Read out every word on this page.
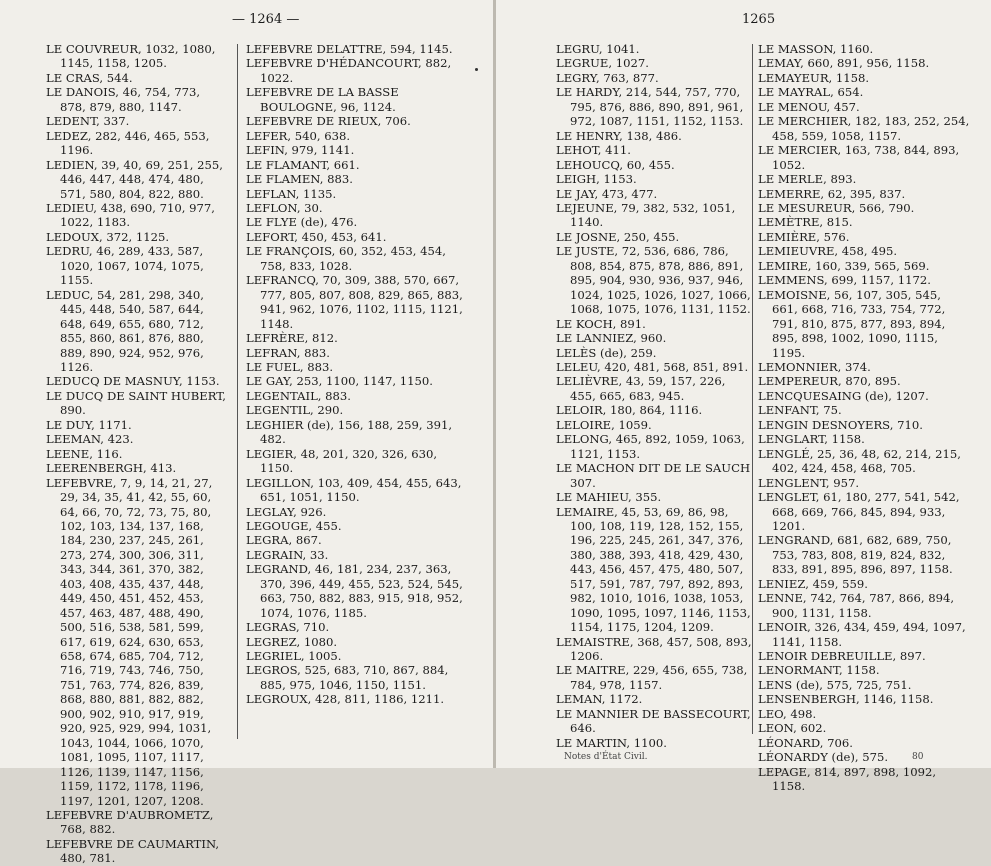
— 1264 —
LE COUVREUR, 1032, 1080, 1145, 1158, 1205.
LE CRAS, 544.
LE DANOIS, 46, 754, 773, 878, 879, 880, 1147.
LEDENT, 337.
LEDEZ, 282, 446, 465, 553, 1196.
LEDIEN, 39, 40, 69, 251, 255, 446, 447, 448, 474, 480, 571, 580, 804, 822, 880.
LEDIEU, 438, 690, 710, 977, 1022, 1183.
LEDOUX, 372, 1125.
LEDRU, 46, 289, 433, 587, 1020, 1067, 1074, 1075, 1155.
LEDUC, 54, 281, 298, 340, 445, 448, 540, 587, 644, 648, 649, 655, 680, 712, 855, 860, 861, 876, 880, 889, 890, 924, 952, 976, 1126.
LEDUCQ DE MASNUY, 1153.
LE DUCQ DE SAINT HUBERT, 890.
LE DUY, 1171.
LEEMAN, 423.
LEENE, 116.
LEERENBERGH, 413.
LEFEBVRE, 7, 9, 14, 21, 27, 29, 34, 35, 41, 42, 55, 60, 64, 66, 70, 72, 73, 75, 80, 102, 103, 134, 137, 168, 184, 230, 237, 245, 261, 273, 274, 300, 306, 311, 343, 344, 361, 370, 382, 403, 408, 435, 437, 448, 449, 450, 451, 452, 453, 457, 463, 487, 488, 490, 500, 516, 538, 581, 599, 617, 619, 624, 630, 653, 658, 674, 685, 704, 712, 716, 719, 743, 746, 750, 751, 763, 774, 826, 839, 868, 880, 881, 882, 882, 900, 902, 910, 917, 919, 920, 925, 929, 994, 1031, 1043, 1044, 1066, 1070, 1081, 1095, 1107, 1117, 1126, 1139, 1147, 1156, 1159, 1172, 1178, 1196, 1197, 1201, 1207, 1208.
LEFEBVRE D'AUBROMETZ, 768, 882.
LEFEBVRE DE CAUMARTIN, 480, 781.
LEFEBVRE DELATTRE, 594, 1145.
LEFEBVRE D'HÉDANCOURT, 882, 1022.
LEFEBVRE DE LA BASSE BOULOGNE, 96, 1124.
LEFEBVRE DE RIEUX, 706.
LEFER, 540, 638.
LEFIN, 979, 1141.
LE FLAMANT, 661.
LE FLAMEN, 883.
LEFLAN, 1135.
LEFLON, 30.
LE FLYE (de), 476.
LEFORT, 450, 453, 641.
LE FRANÇOIS, 60, 352, 453, 454, 758, 833, 1028.
LEFRANCQ, 70, 309, 388, 570, 667, 777, 805, 807, 808, 829, 865, 883, 941, 962, 1076, 1102, 1115, 1121, 1148.
LEFRÈRE, 812.
LEFRAN, 883.
LE FUEL, 883.
LE GAY, 253, 1100, 1147, 1150.
LEGENTAIL, 883.
LEGENTIL, 290.
LEGHIER (de), 156, 188, 259, 391, 482.
LEGIER, 48, 201, 320, 326, 630, 1150.
LEGILLON, 103, 409, 454, 455, 643, 651, 1051, 1150.
LEGLAY, 926.
LEGOUGE, 455.
LEGRA, 867.
LEGRAIN, 33.
LEGRAND, 46, 181, 234, 237, 363, 370, 396, 449, 455, 523, 524, 545, 663, 750, 882, 883, 915, 918, 952, 1074, 1076, 1185.
LEGRAS, 710.
LEGREZ, 1080.
LEGRIEL, 1005.
LEGROS, 525, 683, 710, 867, 884, 885, 975, 1046, 1150, 1151.
LEGROUX, 428, 811, 1186, 1211.
1265
LEGRU, 1041.
LEGRUE, 1027.
LEGRY, 763, 877.
LE HARDY, 214, 544, 757, 770, 795, 876, 886, 890, 891, 961, 972, 1087, 1151, 1152, 1153.
LE HENRY, 138, 486.
LEHOT, 411.
LEHOUCQ, 60, 455.
LEIGH, 1153.
LE JAY, 473, 477.
LEJEUNE, 79, 382, 532, 1051, 1140.
LE JOSNE, 250, 455.
LE JUSTE, 72, 536, 686, 786, 808, 854, 875, 878, 886, 891, 895, 904, 930, 936, 937, 946, 1024, 1025, 1026, 1027, 1066, 1068, 1075, 1076, 1131, 1152.
LE KOCH, 891.
LE LANNIEZ, 960.
LELÈS (de), 259.
LELEU, 420, 481, 568, 851, 891.
LELIÈVRE, 43, 59, 157, 226, 455, 665, 683, 945.
LELOIR, 180, 864, 1116.
LELOIRE, 1059.
LELONG, 465, 892, 1059, 1063, 1121, 1153.
LE MACHON DIT DE LE SAUCH 307.
LE MAHIEU, 355.
LEMAIRE, 45, 53, 69, 86, 98, 100, 108, 119, 128, 152, 155, 196, 225, 245, 261, 347, 376, 380, 388, 393, 418, 429, 430, 443, 456, 457, 475, 480, 507, 517, 591, 787, 797, 892, 893, 982, 1010, 1016, 1038, 1053, 1090, 1095, 1097, 1146, 1153, 1154, 1175, 1204, 1209.
LEMAISTRE, 368, 457, 508, 893, 1206.
LE MAITRE, 229, 456, 655, 738, 784, 978, 1157.
LEMAN, 1172.
LE MANNIER DE BASSECOURT, 646.
LE MARTIN, 1100.
LE MASSON, 1160.
LEMAY, 660, 891, 956, 1158.
LEMAYEUR, 1158.
LE MAYRAL, 654.
LE MENOU, 457.
LE MERCHIER, 182, 183, 252, 254, 458, 559, 1058, 1157.
LE MERCIER, 163, 738, 844, 893, 1052.
LE MERLE, 893.
LEMERRE, 62, 395, 837.
LE MESUREUR, 566, 790.
LEMÈTRE, 815.
LEMIÈRE, 576.
LEMIEUVRE, 458, 495.
LEMIRE, 160, 339, 565, 569.
LEMMENS, 699, 1157, 1172.
LEMOISNE, 56, 107, 305, 545, 661, 668, 716, 733, 754, 772, 791, 810, 875, 877, 893, 894, 895, 898, 1002, 1090, 1115, 1195.
LEMONNIER, 374.
LEMPEREUR, 870, 895.
LENCQUESAING (de), 1207.
LENFANT, 75.
LENGIN DESNOYERS, 710.
LENGLART, 1158.
LENGLÉ, 25, 36, 48, 62, 214, 215, 402, 424, 458, 468, 705.
LENGLENT, 957.
LENGLET, 61, 180, 277, 541, 542, 668, 669, 766, 845, 894, 933, 1201.
LENGRAND, 681, 682, 689, 750, 753, 783, 808, 819, 824, 832, 833, 891, 895, 896, 897, 1158.
LENIEZ, 459, 559.
LENNE, 742, 764, 787, 866, 894, 900, 1131, 1158.
LENOIR, 326, 434, 459, 494, 1097, 1141, 1158.
LENOIR DEBREUILLE, 897.
LENORMANT, 1158.
LENS (de), 575, 725, 751.
LENSENBERGH, 1146, 1158.
LEO, 498.
LEON, 602.
LÉONARD, 706.
LÉONARDY (de), 575.
LEPAGE, 814, 897, 898, 1092, 1158.
Notes d'État Civil.	80
